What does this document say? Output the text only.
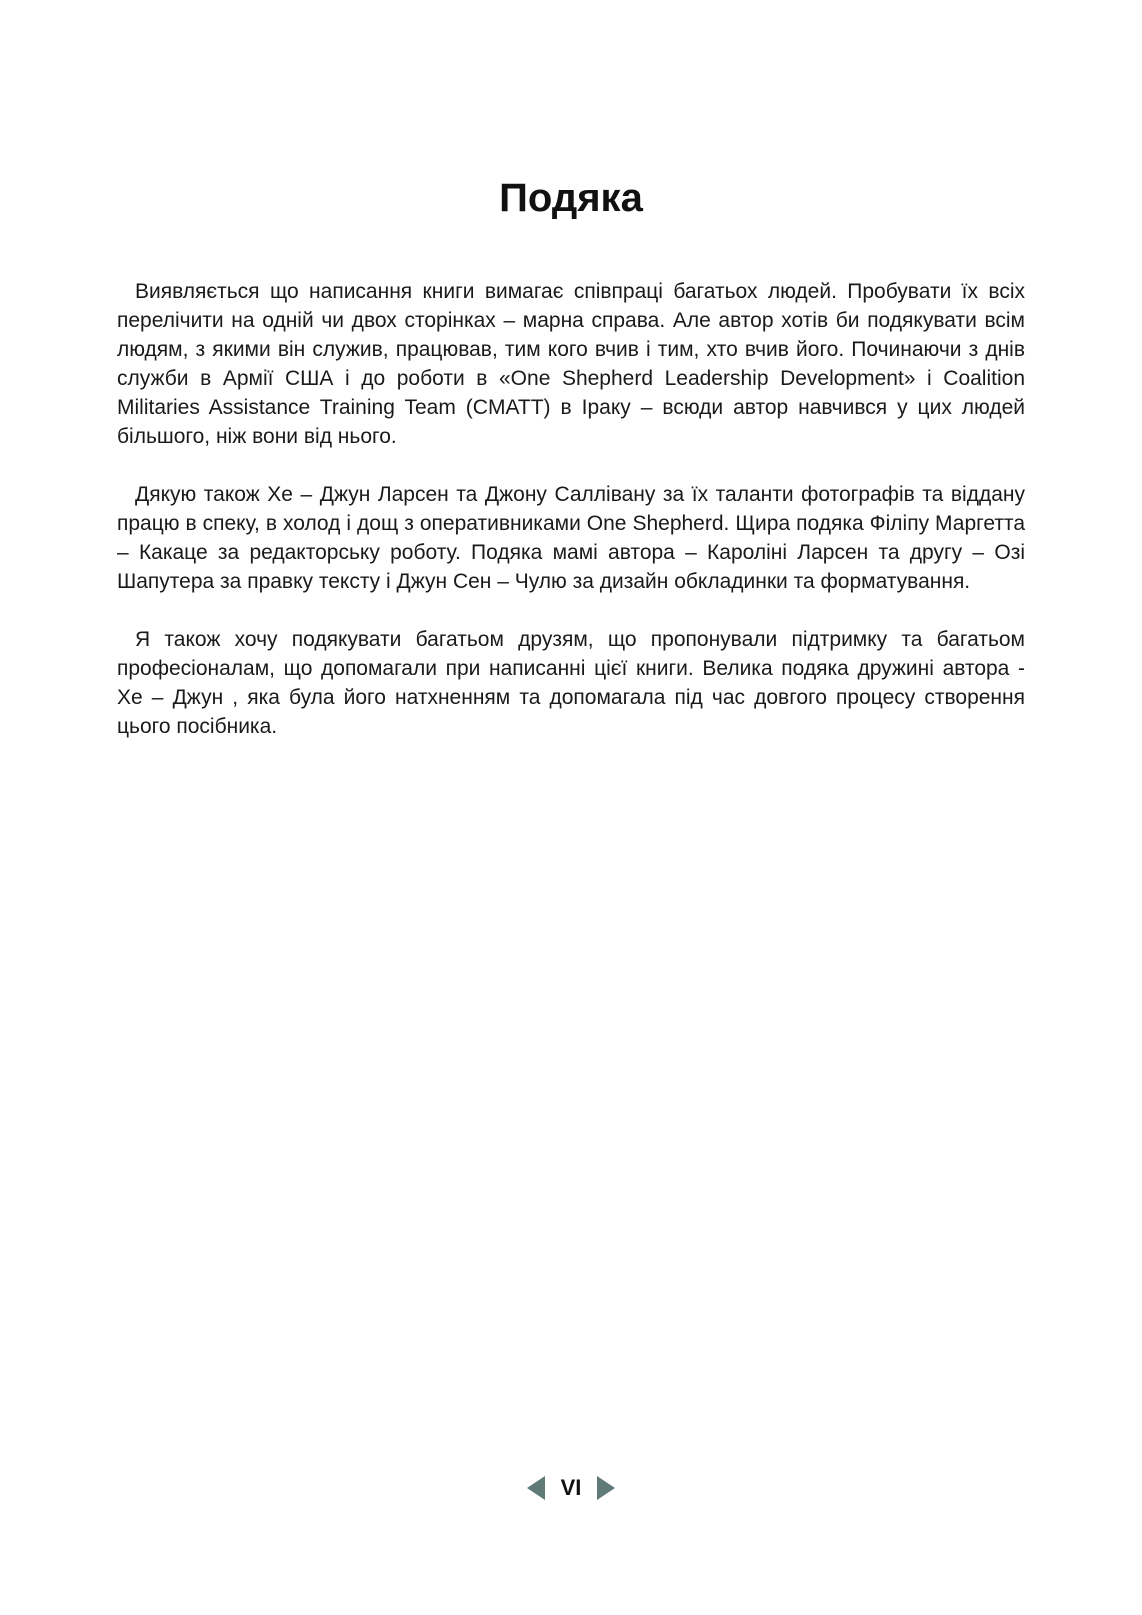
Подяка

Виявляється що написання книги вимагає співпраці багатьох людей. Пробувати їх всіх перелічити на одній чи двох сторінках – марна справа. Але автор хотів би подякувати всім людям, з якими він служив, працював, тим кого вчив і тим, хто вчив його. Починаючи з днів служби в Армії США і до роботи в «One Shepherd Leadership Development» і Coalition Militaries Assistance Training Team (CMATT) в Іраку – всюди автор навчився у цих людей більшого, ніж вони від нього.

Дякую також Хе – Джун Ларсен та Джону Саллівану за їх таланти фотографів та віддану працю в спеку, в холод і дощ з оперативниками One Shepherd. Щира подяка Філіпу Маргетта – Какаце за редакторську роботу. Подяка мамі автора – Кароліні Ларсен та другу – Озі Шапутера за правку тексту і Джун Сен – Чулю за дизайн обкладинки та форматування.

Я також хочу подякувати багатьом друзям, що пропонували підтримку та багатьом професіоналам, що допомагали при написанні цієї книги. Велика подяка дружині автора - Хе – Джун , яка була його натхненням та допомагала під час довгого процесу створення цього посібника.

VI
